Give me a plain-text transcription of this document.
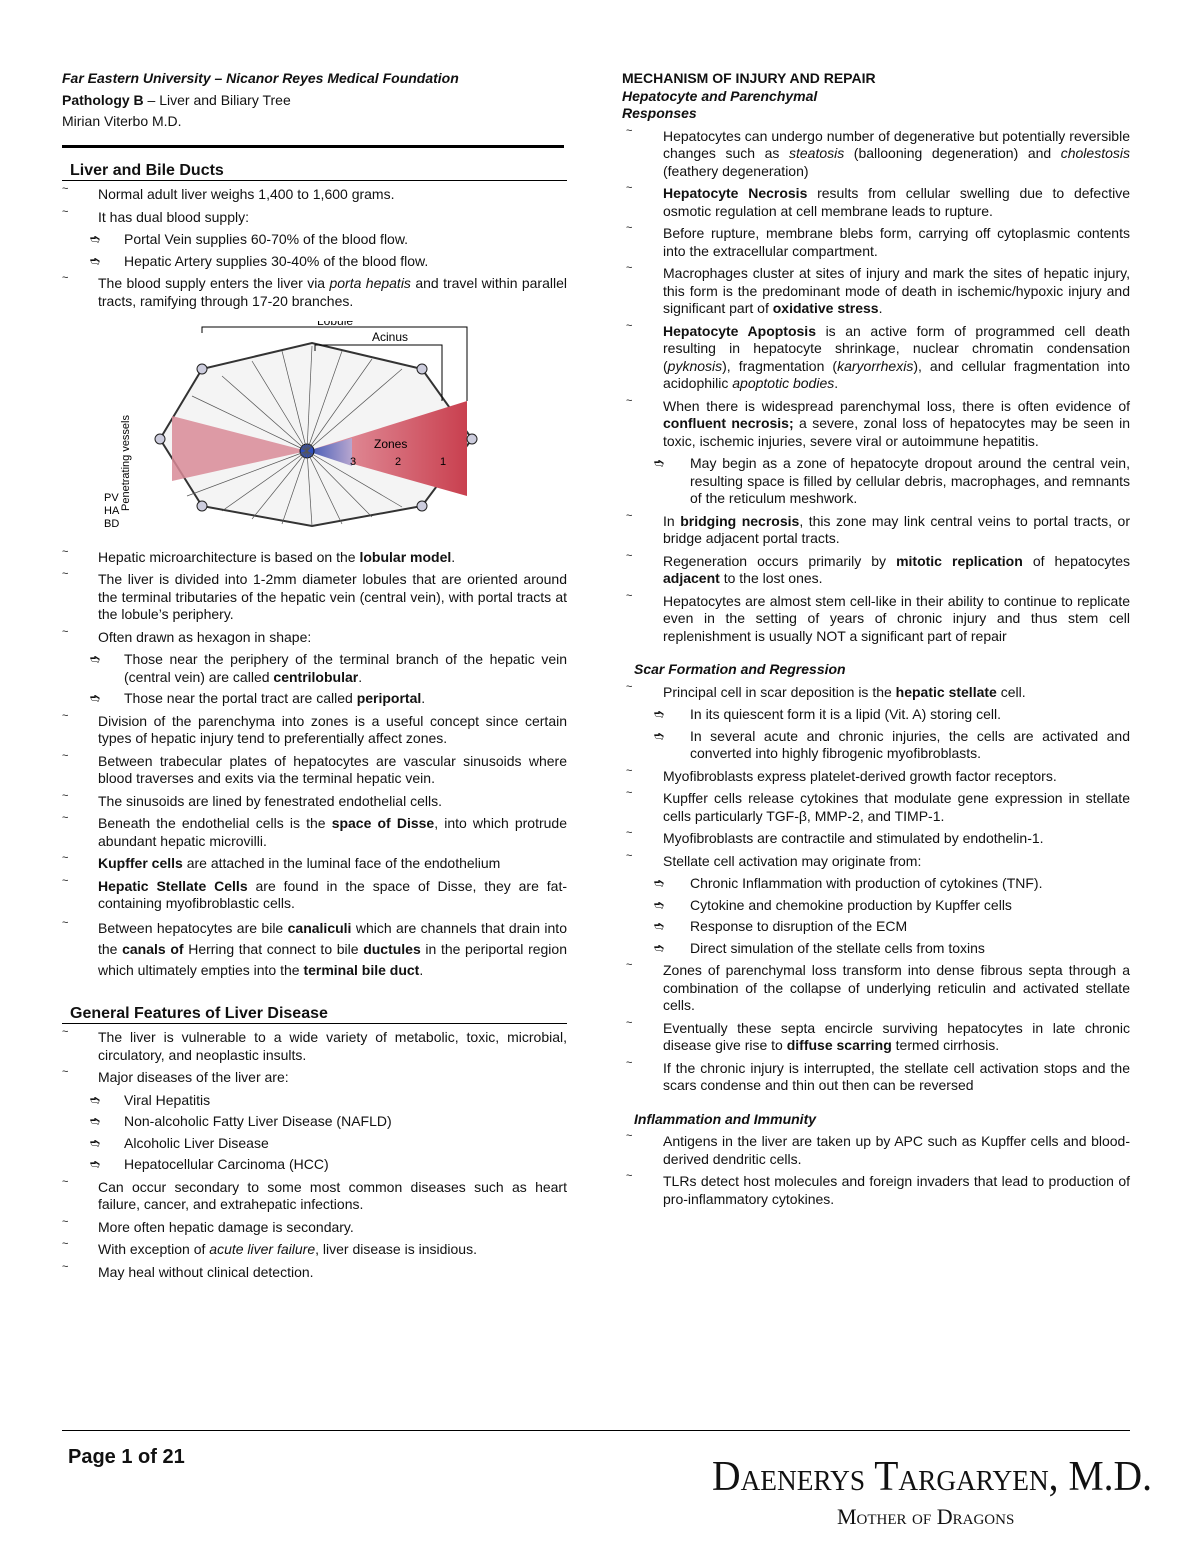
Far Eastern University – Nicanor Reyes Medical Foundation
Pathology B – Liver and Biliary Tree
Mirian Viterbo M.D.
Liver and Bile Ducts
~ Normal adult liver weighs 1,400 to 1,600 grams.
~ It has dual blood supply:
➬ Portal Vein supplies 60-70% of the blood flow.
➬ Hepatic Artery supplies 30-40% of the blood flow.
~ The blood supply enters the liver via porta hepatis and travel within parallel tracts, ramifying through 17-20 branches.
Lobule
Acinus
Zones
3	2	1
Penetrating vessels
PV
HA
BD
~ Hepatic microarchitecture is based on the lobular model.
~ The liver is divided into 1-2mm diameter lobules that are oriented around the terminal tributaries of the hepatic vein (central vein), with portal tracts at the lobule’s periphery.
~ Often drawn as hexagon in shape:
➬ Those near the periphery of the terminal branch of the hepatic vein (central vein) are called centrilobular.
➬ Those near the portal tract are called periportal.
~ Division of the parenchyma into zones is a useful concept since certain types of hepatic injury tend to preferentially affect zones.
~ Between trabecular plates of hepatocytes are vascular sinusoids where blood traverses and exits via the terminal hepatic vein.
~ The sinusoids are lined by fenestrated endothelial cells.
~ Beneath the endothelial cells is the space of Disse, into which protrude abundant hepatic microvilli.
~ Kupffer cells are attached in the luminal face of the endothelium
~ Hepatic Stellate Cells are found in the space of Disse, they are fat-containing myofibroblastic cells.
~ Between hepatocytes are bile canaliculi which are channels that drain into the canals of Herring that connect to bile ductules in the periportal region which ultimately empties into the terminal bile duct.
General Features of Liver Disease
~ The liver is vulnerable to a wide variety of metabolic, toxic, microbial, circulatory, and neoplastic insults.
~ Major diseases of the liver are:
➬ Viral Hepatitis
➬ Non-alcoholic Fatty Liver Disease (NAFLD)
➬ Alcoholic Liver Disease
➬ Hepatocellular Carcinoma (HCC)
~ Can occur secondary to some most common diseases such as heart failure, cancer, and extrahepatic infections.
~ More often hepatic damage is secondary.
~ With exception of acute liver failure, liver disease is insidious.
~ May heal without clinical detection.
MECHANISM OF INJURY AND REPAIR
Hepatocyte and Parenchymal
Responses
~ Hepatocytes can undergo number of degenerative but potentially reversible changes such as steatosis (ballooning degeneration) and cholestosis (feathery degeneration)
~ Hepatocyte Necrosis results from cellular swelling due to defective osmotic regulation at cell membrane leads to rupture.
~ Before rupture, membrane blebs form, carrying off cytoplasmic contents into the extracellular compartment.
~ Macrophages cluster at sites of injury and mark the sites of hepatic injury, this form is the predominant mode of death in ischemic/hypoxic injury and significant part of oxidative stress.
~ Hepatocyte Apoptosis is an active form of programmed cell death resulting in hepatocyte shrinkage, nuclear chromatin condensation (pyknosis), fragmentation (karyorrhexis), and cellular fragmentation into acidophilic apoptotic bodies.
~ When there is widespread parenchymal loss, there is often evidence of confluent necrosis; a severe, zonal loss of hepatocytes may be seen in toxic, ischemic injuries, severe viral or autoimmune hepatitis.
➬ May begin as a zone of hepatocyte dropout around the central vein, resulting space is filled by cellular debris, macrophages, and remnants of the reticulum meshwork.
~ In bridging necrosis, this zone may link central veins to portal tracts, or bridge adjacent portal tracts.
~ Regeneration occurs primarily by mitotic replication of hepatocytes adjacent to the lost ones.
~ Hepatocytes are almost stem cell-like in their ability to continue to replicate even in the setting of years of chronic injury and thus stem cell replenishment is usually NOT a significant part of repair
Scar Formation and Regression
~ Principal cell in scar deposition is the hepatic stellate cell.
➬ In its quiescent form it is a lipid (Vit. A) storing cell.
➬ In several acute and chronic injuries, the cells are activated and converted into highly fibrogenic myofibroblasts.
~ Myofibroblasts express platelet-derived growth factor receptors.
~ Kupffer cells release cytokines that modulate gene expression in stellate cells particularly TGF-β, MMP-2, and TIMP-1.
~ Myofibroblasts are contractile and stimulated by endothelin-1.
~ Stellate cell activation may originate from:
➬ Chronic Inflammation with production of cytokines (TNF).
➬ Cytokine and chemokine production by Kupffer cells
➬ Response to disruption of the ECM
➬ Direct simulation of the stellate cells from toxins
~ Zones of parenchymal loss transform into dense fibrous septa through a combination of the collapse of underlying reticulin and activated stellate cells.
~ Eventually these septa encircle surviving hepatocytes in late chronic disease give rise to diffuse scarring termed cirrhosis.
~ If the chronic injury is interrupted, the stellate cell activation stops and the scars condense and thin out then can be reversed
Inflammation and Immunity
~ Antigens in the liver are taken up by APC such as Kupffer cells and blood-derived dendritic cells.
~ TLRs detect host molecules and foreign invaders that lead to production of pro-inflammatory cytokines.
Page 1 of 21	Daenerys Targaryen, M.D.
Mother of Dragons
